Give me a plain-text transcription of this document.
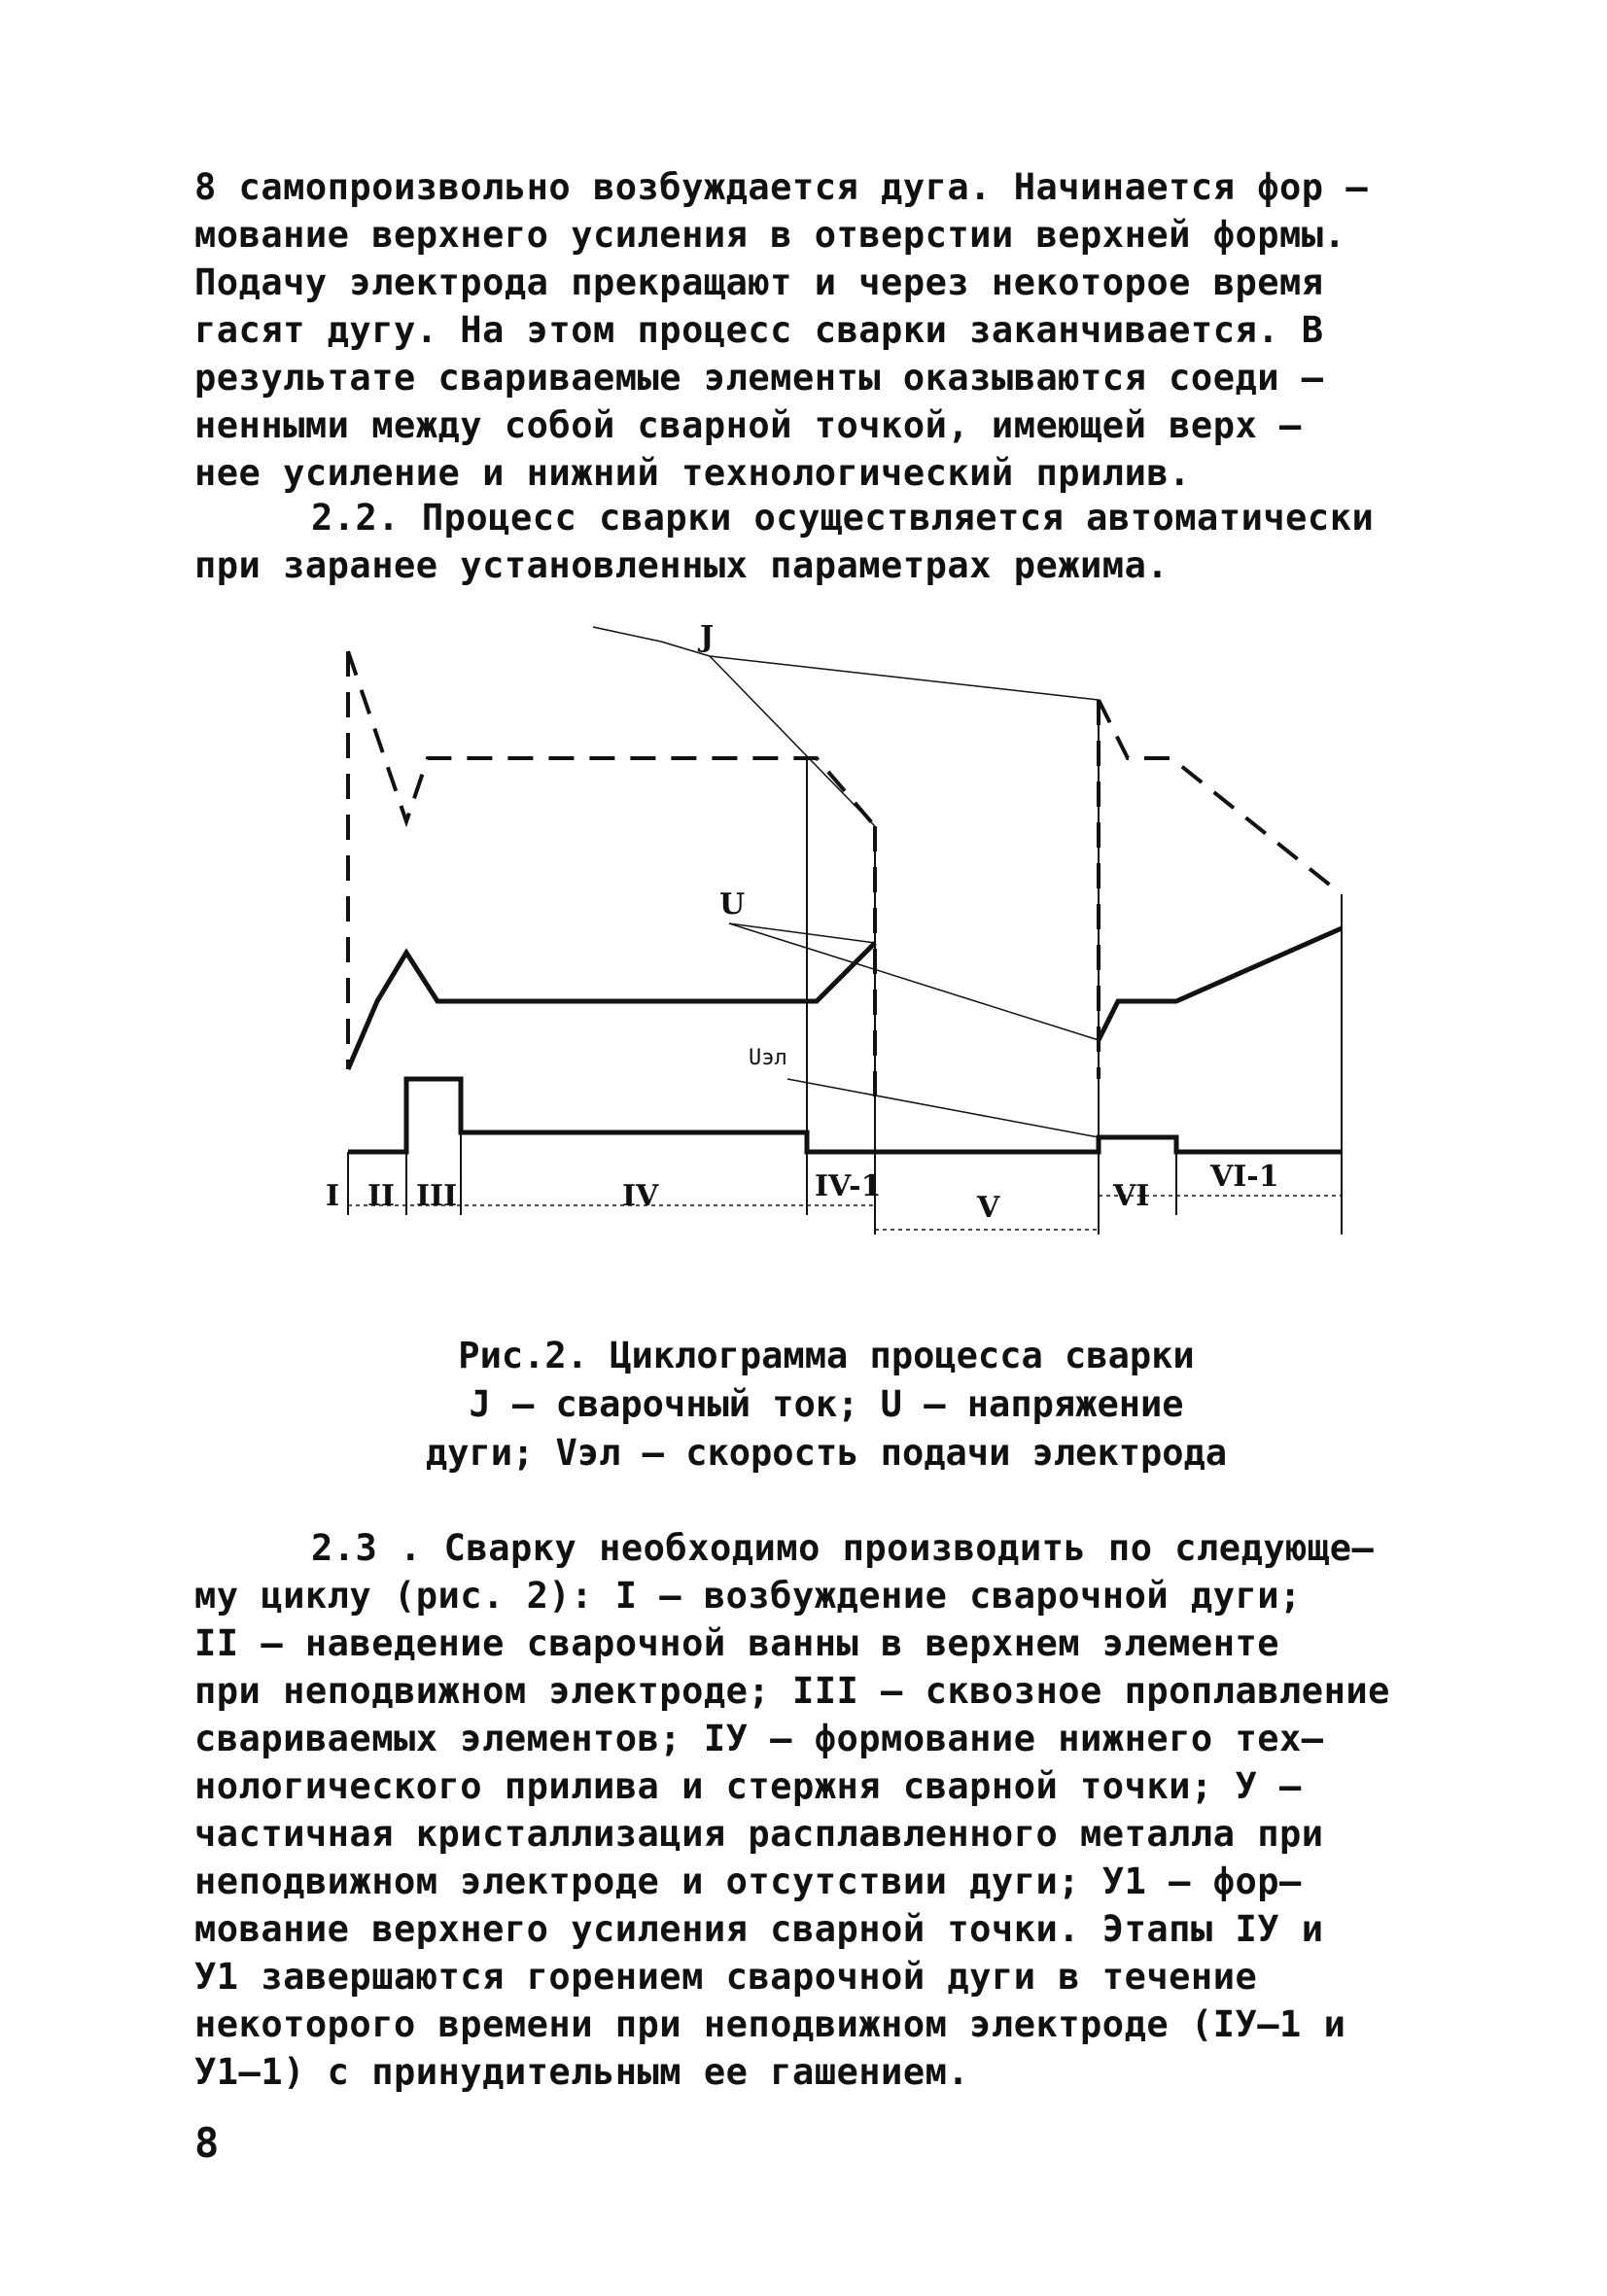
8 самопроизвольно возбуждается дуга. Начинается фор –
мование верхнего усиления в отверстии верхней формы.
Подачу электрода прекращают и через некоторое время
гасят дугу. На этом процесс сварки заканчивается. В
результате свариваемые элементы оказываются соеди –
ненными между собой сварной точкой, имеющей верх –
нее усиление и нижний технологический прилив.
2.2. Процесс сварки осуществляется автоматически
при заранее установленных параметрах режима.
J
U
Uэл
I II III	IV	IV-1
V	VI
VI-1
Рис.2. Циклограмма процесса сварки
J – сварочный ток; U – напряжение
дуги; Vэл – скорость подачи электрода
2.3 . Сварку необходимо производить по следующе–
му циклу (рис. 2): I – возбуждение сварочной дуги;
II – наведение сварочной ванны в верхнем элементе
при неподвижном электроде; III – сквозное проплавление
свариваемых элементов; IУ – формование нижнего тех–
нологического прилива и стержня сварной точки; У –
частичная кристаллизация расплавленного металла при
неподвижном электроде и отсутствии дуги; У1 – фор–
мование верхнего усиления сварной точки. Этапы IУ и
У1 завершаются горением сварочной дуги в течение
некоторого времени при неподвижном электроде (IУ–1 и
У1–1) с принудительным ее гашением.
8
